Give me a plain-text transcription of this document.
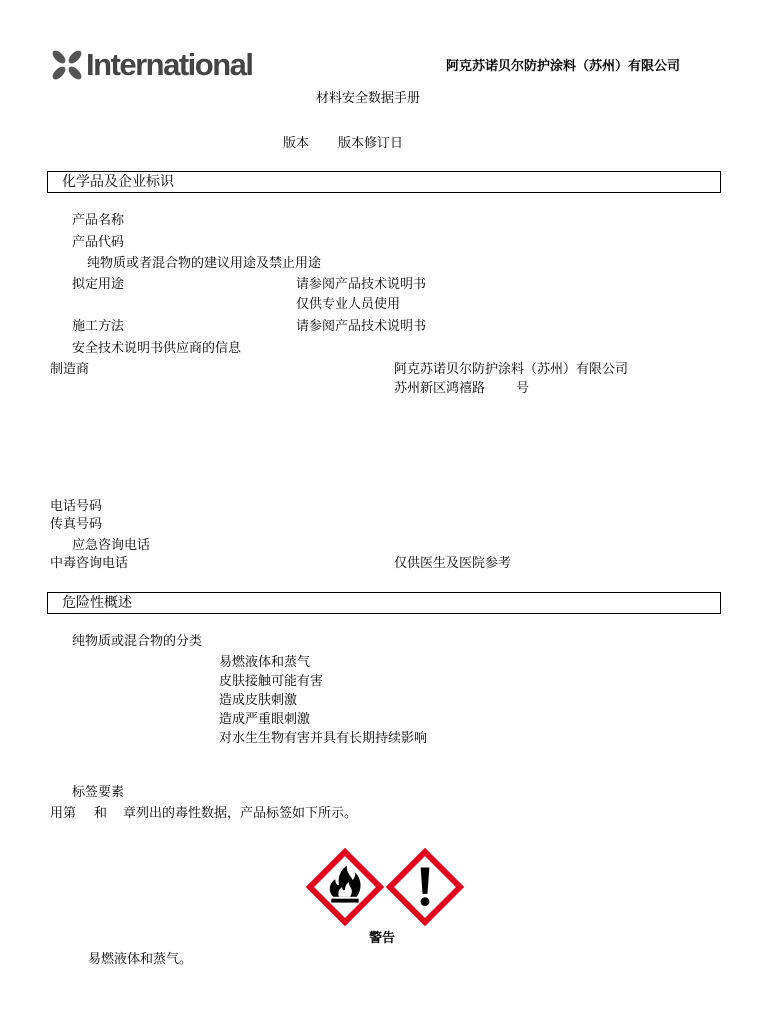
International	阿克苏诺贝尔防护涂料（苏州）有限公司
材料安全数据手册
版本 版本修订日
化学品及企业标识
产品名称
产品代码
纯物质或者混合物的建议用途及禁止用途
拟定用途	请参阅产品技术说明书
仅供专业人员使用
施工方法	请参阅产品技术说明书
安全技术说明书供应商的信息
制造商	阿克苏诺贝尔防护涂料（苏州）有限公司
苏州新区鸿禧路 号
电话号码
传真号码
应急咨询电话
中毒咨询电话	仅供医生及医院参考
危险性概述
纯物质或混合物的分类
易燃液体和蒸气
皮肤接触可能有害
造成皮肤刺激
造成严重眼刺激
对水生生物有害并具有长期持续影响
标签要素
用第 和 章列出的毒性数据，产品标签如下所示。
警告
易燃液体和蒸气。
